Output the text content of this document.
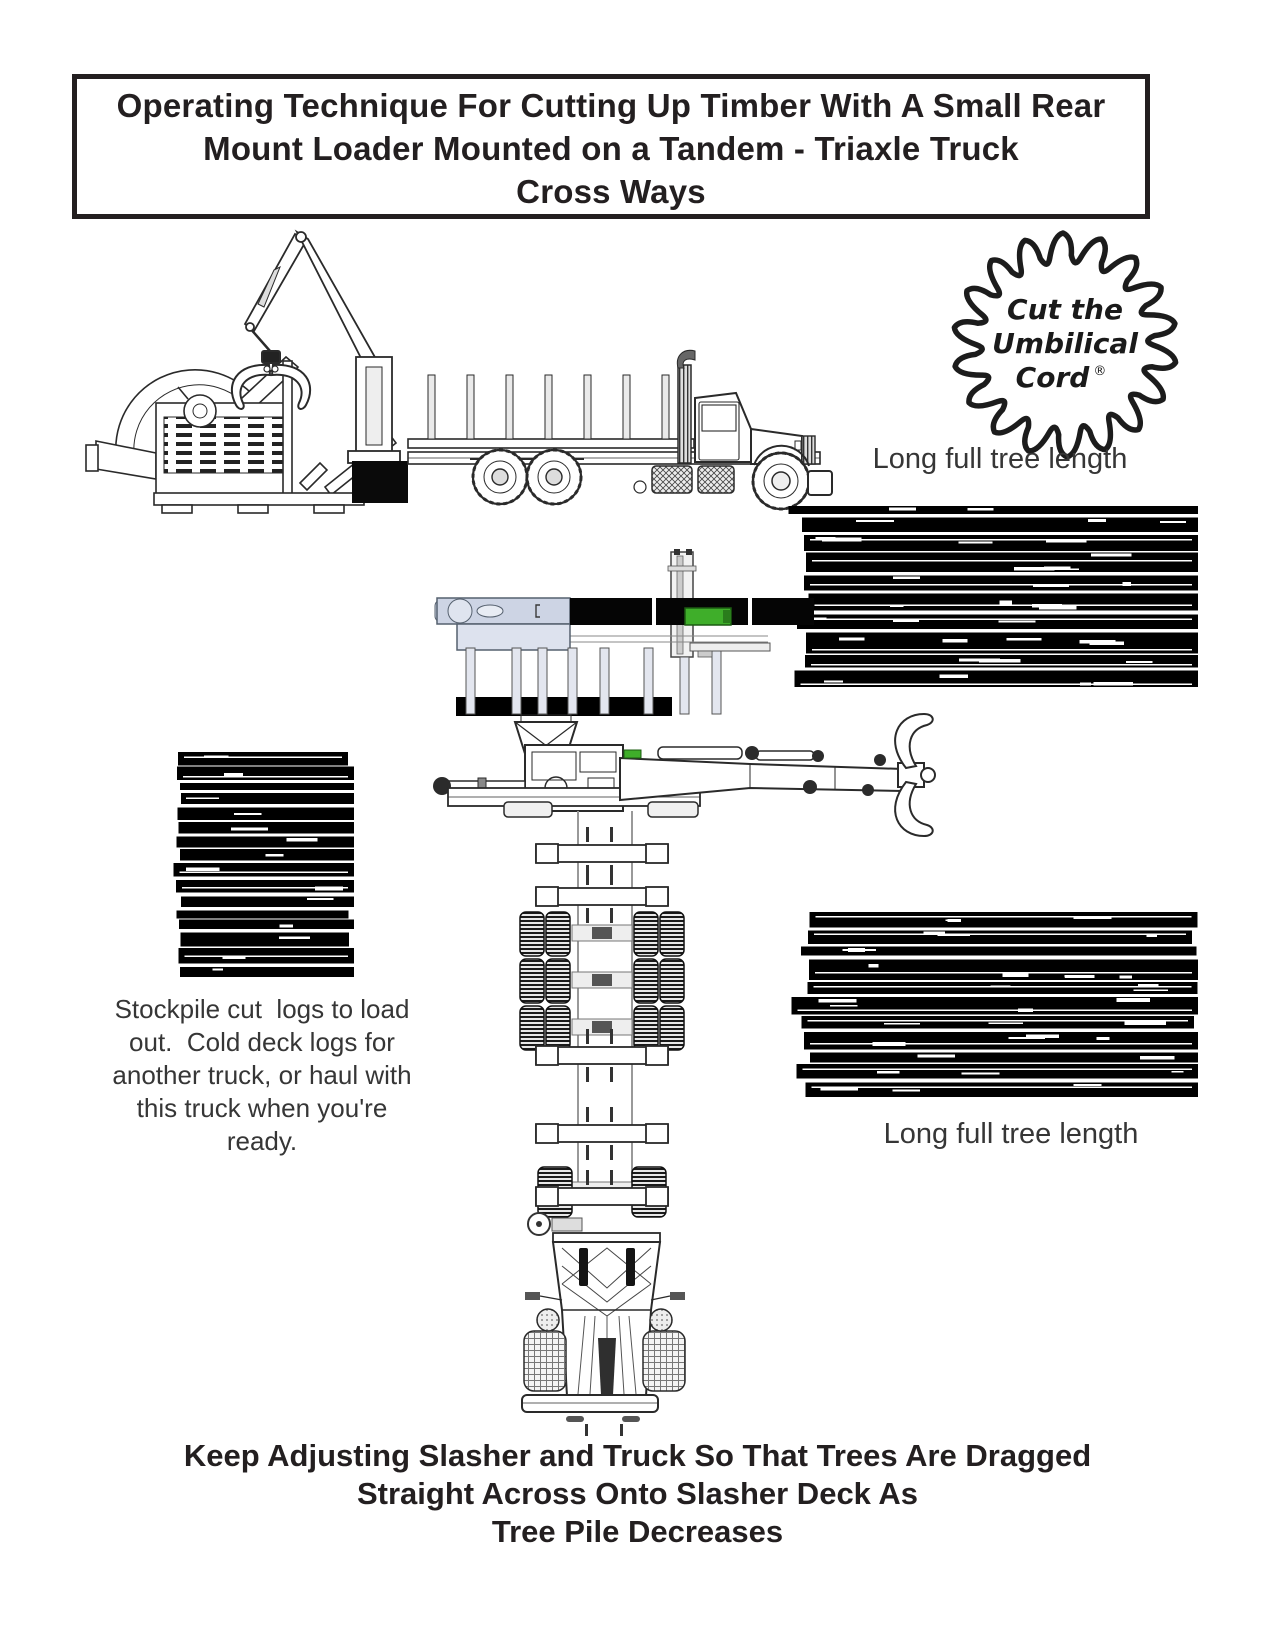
Operating Technique For Cutting Up Timber With A Small Rear
Mount Loader Mounted on a Tandem - Triaxle Truck
Cross Ways
Cut the
Umbilical
Cord ®
Long full tree length
Stockpile cut  logs to load
out.  Cold deck logs for
another truck, or haul with
this truck when you're
ready.	Long full tree length
Keep Adjusting Slasher and Truck So That Trees Are Dragged
Straight Across Onto Slasher Deck As
Tree Pile Decreases
